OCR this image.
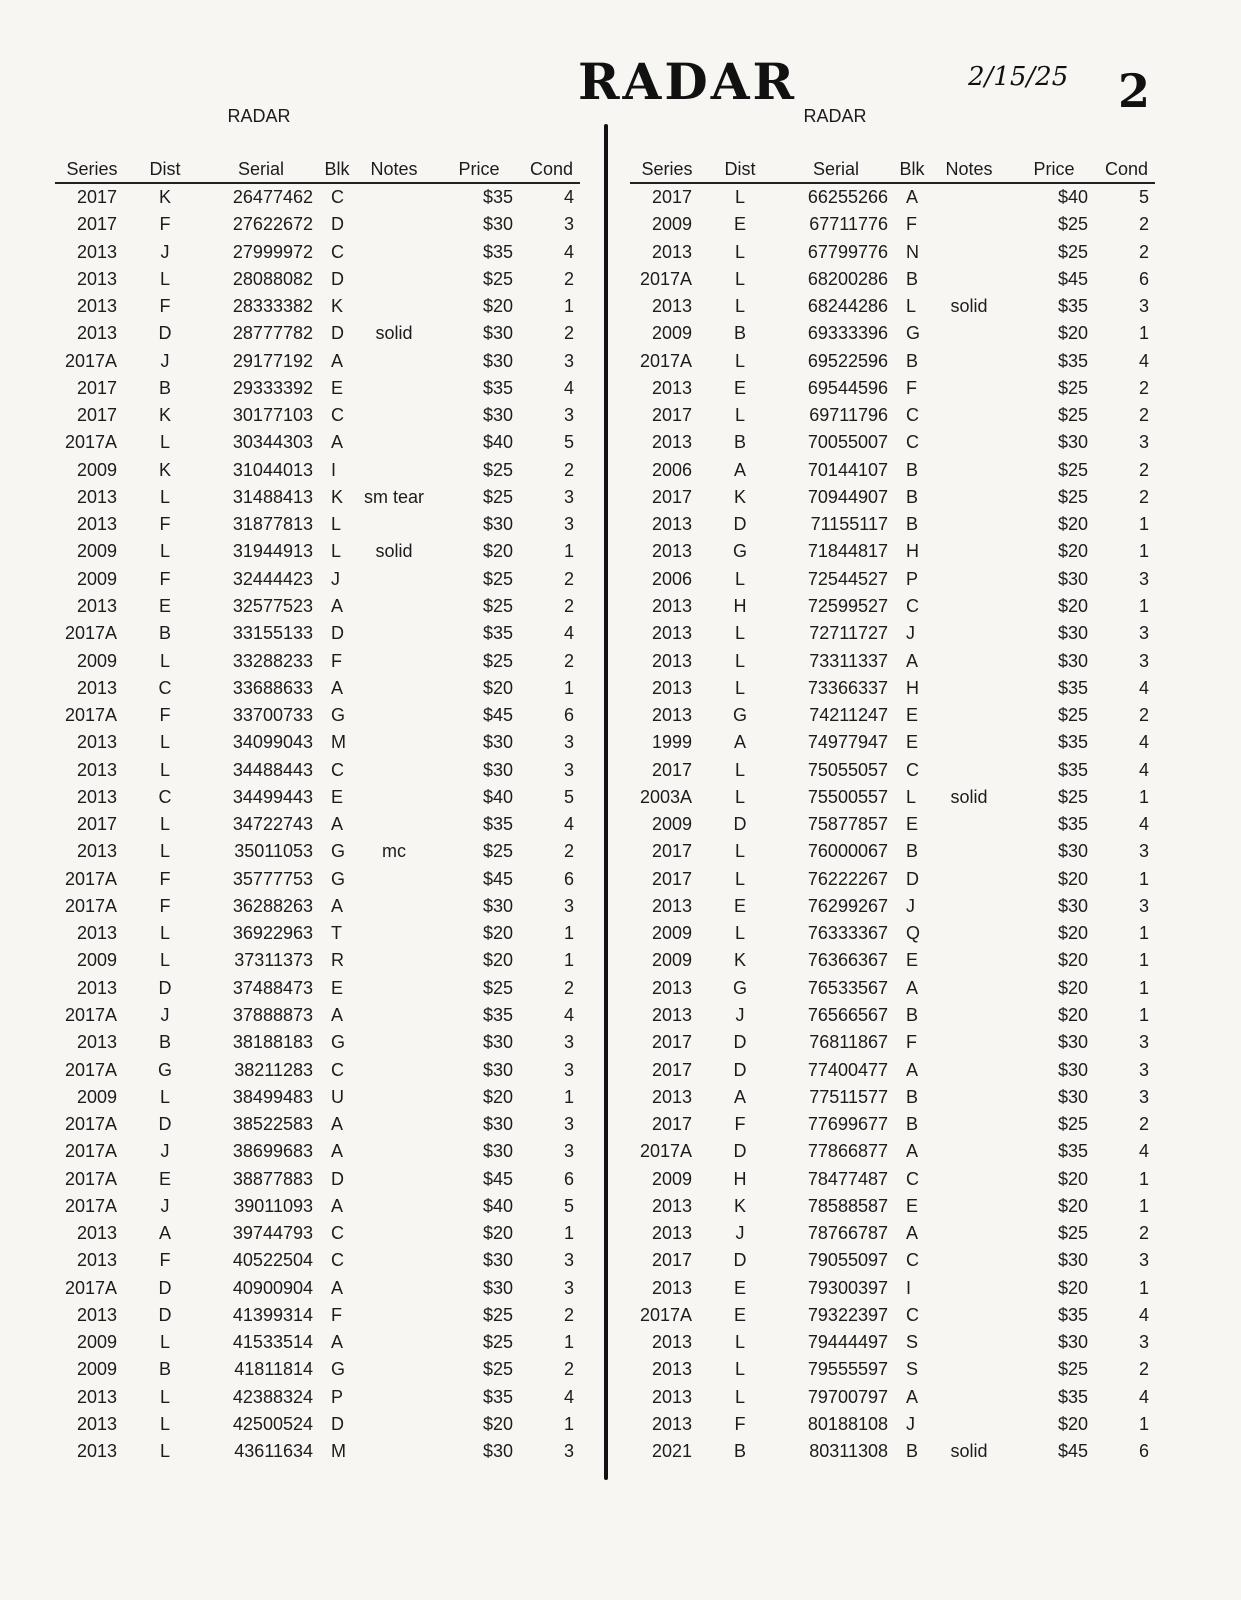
RADAR	2/15/25 2
RADAR	RADAR
Series	Dist	Serial	Blk	Notes	Price	Cond
2017	K	26477462	C		$35	4
2017	F	27622672	D		$30	3
2013	J	27999972	C		$35	4
2013	L	28088082	D		$25	2
2013	F	28333382	K		$20	1
2013	D	28777782	D	solid	$30	2
2017A	J	29177192	A		$30	3
2017	B	29333392	E		$35	4
2017	K	30177103	C		$30	3
2017A	L	30344303	A		$40	5
2009	K	31044013	I		$25	2
2013	L	31488413	K	sm tear	$25	3
2013	F	31877813	L		$30	3
2009	L	31944913	L	solid	$20	1
2009	F	32444423	J		$25	2
2013	E	32577523	A		$25	2
2017A	B	33155133	D		$35	4
2009	L	33288233	F		$25	2
2013	C	33688633	A		$20	1
2017A	F	33700733	G		$45	6
2013	L	34099043	M		$30	3
2013	L	34488443	C		$30	3
2013	C	34499443	E		$40	5
2017	L	34722743	A		$35	4
2013	L	35011053	G	mc	$25	2
2017A	F	35777753	G		$45	6
2017A	F	36288263	A		$30	3
2013	L	36922963	T		$20	1
2009	L	37311373	R		$20	1
2013	D	37488473	E		$25	2
2017A	J	37888873	A		$35	4
2013	B	38188183	G		$30	3
2017A	G	38211283	C		$30	3
2009	L	38499483	U		$20	1
2017A	D	38522583	A		$30	3
2017A	J	38699683	A		$30	3
2017A	E	38877883	D		$45	6
2017A	J	39011093	A		$40	5
2013	A	39744793	C		$20	1
2013	F	40522504	C		$30	3
2017A	D	40900904	A		$30	3
2013	D	41399314	F		$25	2
2009	L	41533514	A		$25	1
2009	B	41811814	G		$25	2
2013	L	42388324	P		$35	4
2013	L	42500524	D		$20	1
2013	L	43611634	M		$30	3
Series	Dist	Serial	Blk	Notes	Price	Cond
2017	L	66255266	A		$40	5
2009	E	67711776	F		$25	2
2013	L	67799776	N		$25	2
2017A	L	68200286	B		$45	6
2013	L	68244286	L	solid	$35	3
2009	B	69333396	G		$20	1
2017A	L	69522596	B		$35	4
2013	E	69544596	F		$25	2
2017	L	69711796	C		$25	2
2013	B	70055007	C		$30	3
2006	A	70144107	B		$25	2
2017	K	70944907	B		$25	2
2013	D	71155117	B		$20	1
2013	G	71844817	H		$20	1
2006	L	72544527	P		$30	3
2013	H	72599527	C		$20	1
2013	L	72711727	J		$30	3
2013	L	73311337	A		$30	3
2013	L	73366337	H		$35	4
2013	G	74211247	E		$25	2
1999	A	74977947	E		$35	4
2017	L	75055057	C		$35	4
2003A	L	75500557	L	solid	$25	1
2009	D	75877857	E		$35	4
2017	L	76000067	B		$30	3
2017	L	76222267	D		$20	1
2013	E	76299267	J		$30	3
2009	L	76333367	Q		$20	1
2009	K	76366367	E		$20	1
2013	G	76533567	A		$20	1
2013	J	76566567	B		$20	1
2017	D	76811867	F		$30	3
2017	D	77400477	A		$30	3
2013	A	77511577	B		$30	3
2017	F	77699677	B		$25	2
2017A	D	77866877	A		$35	4
2009	H	78477487	C		$20	1
2013	K	78588587	E		$20	1
2013	J	78766787	A		$25	2
2017	D	79055097	C		$30	3
2013	E	79300397	I		$20	1
2017A	E	79322397	C		$35	4
2013	L	79444497	S		$30	3
2013	L	79555597	S		$25	2
2013	L	79700797	A		$35	4
2013	F	80188108	J		$20	1
2021	B	80311308	B	solid	$45	6
